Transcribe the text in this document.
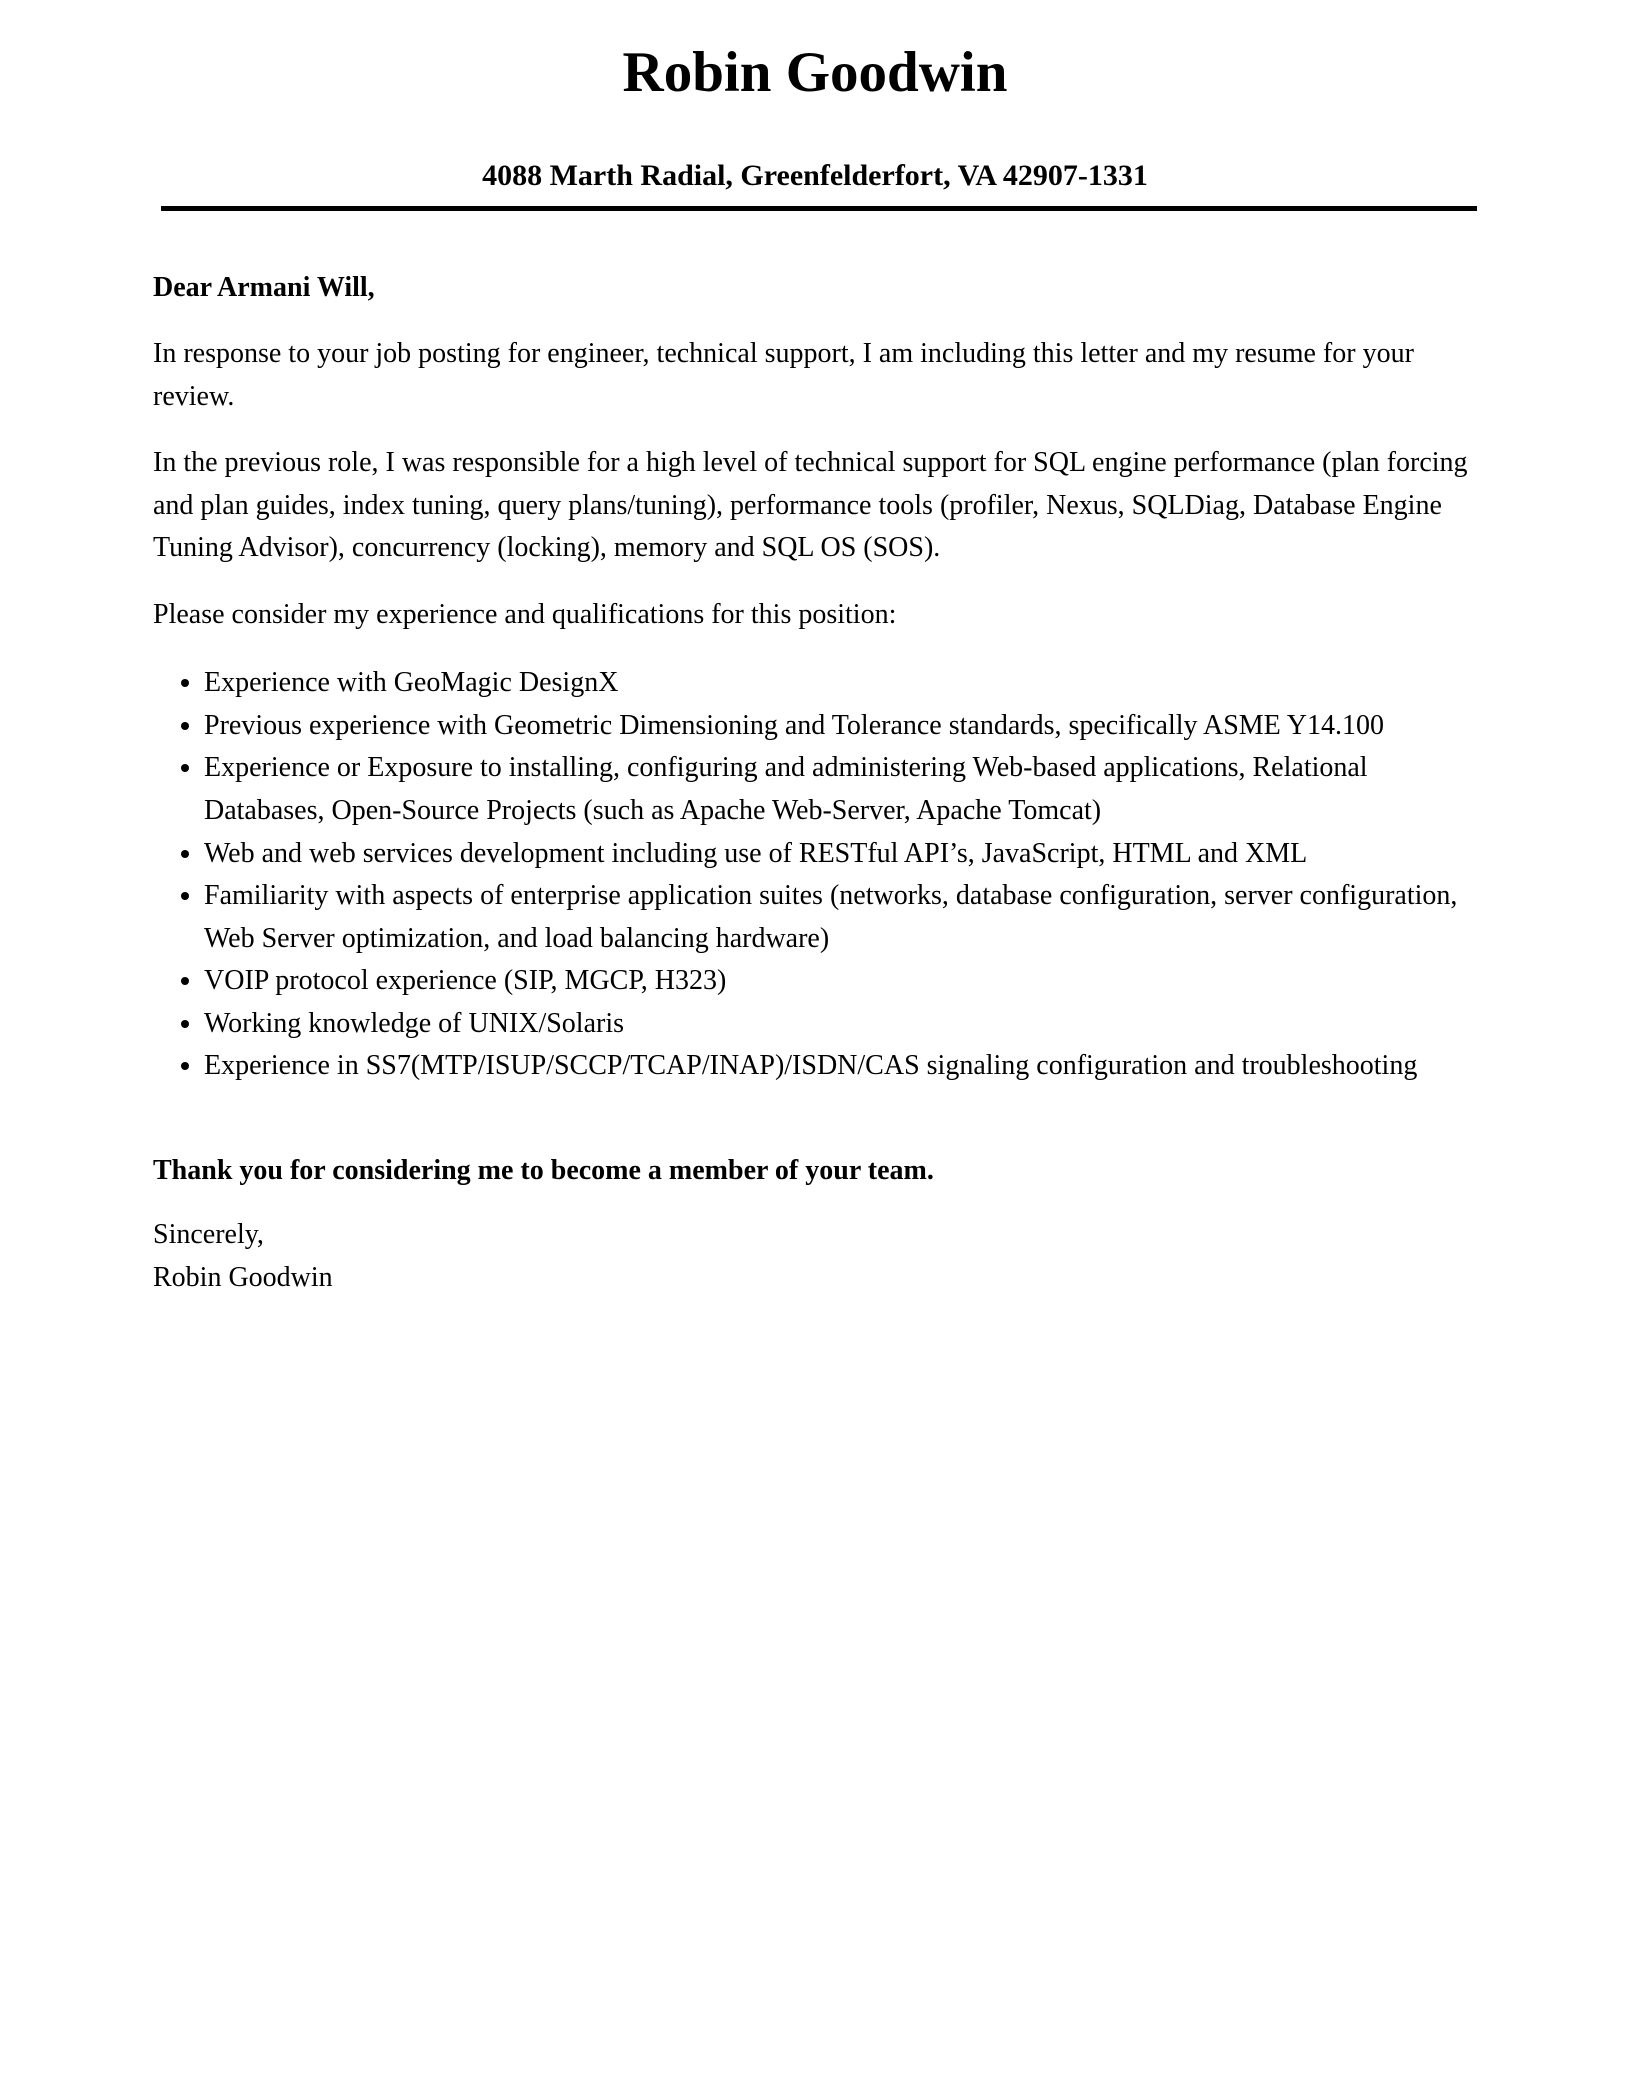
Robin Goodwin
4088 Marth Radial, Greenfelderfort, VA 42907-1331
Dear Armani Will,

In response to your job posting for engineer, technical support, I am including this letter and my resume for your review.

In the previous role, I was responsible for a high level of technical support for SQL engine performance (plan forcing and plan guides, index tuning, query plans/tuning), performance tools (profiler, Nexus, SQLDiag, Database Engine Tuning Advisor), concurrency (locking), memory and SQL OS (SOS).

Please consider my experience and qualifications for this position:

• Experience with GeoMagic DesignX
• Previous experience with Geometric Dimensioning and Tolerance standards, specifically ASME Y14.100
• Experience or Exposure to installing, configuring and administering Web-based applications, Relational Databases, Open-Source Projects (such as Apache Web-Server, Apache Tomcat)
• Web and web services development including use of RESTful API’s, JavaScript, HTML and XML
• Familiarity with aspects of enterprise application suites (networks, database configuration, server configuration, Web Server optimization, and load balancing hardware)
• VOIP protocol experience (SIP, MGCP, H323)
• Working knowledge of UNIX/Solaris
• Experience in SS7(MTP/ISUP/SCCP/TCAP/INAP)/ISDN/CAS signaling configuration and troubleshooting
Thank you for considering me to become a member of your team.

Sincerely,

Robin Goodwin
